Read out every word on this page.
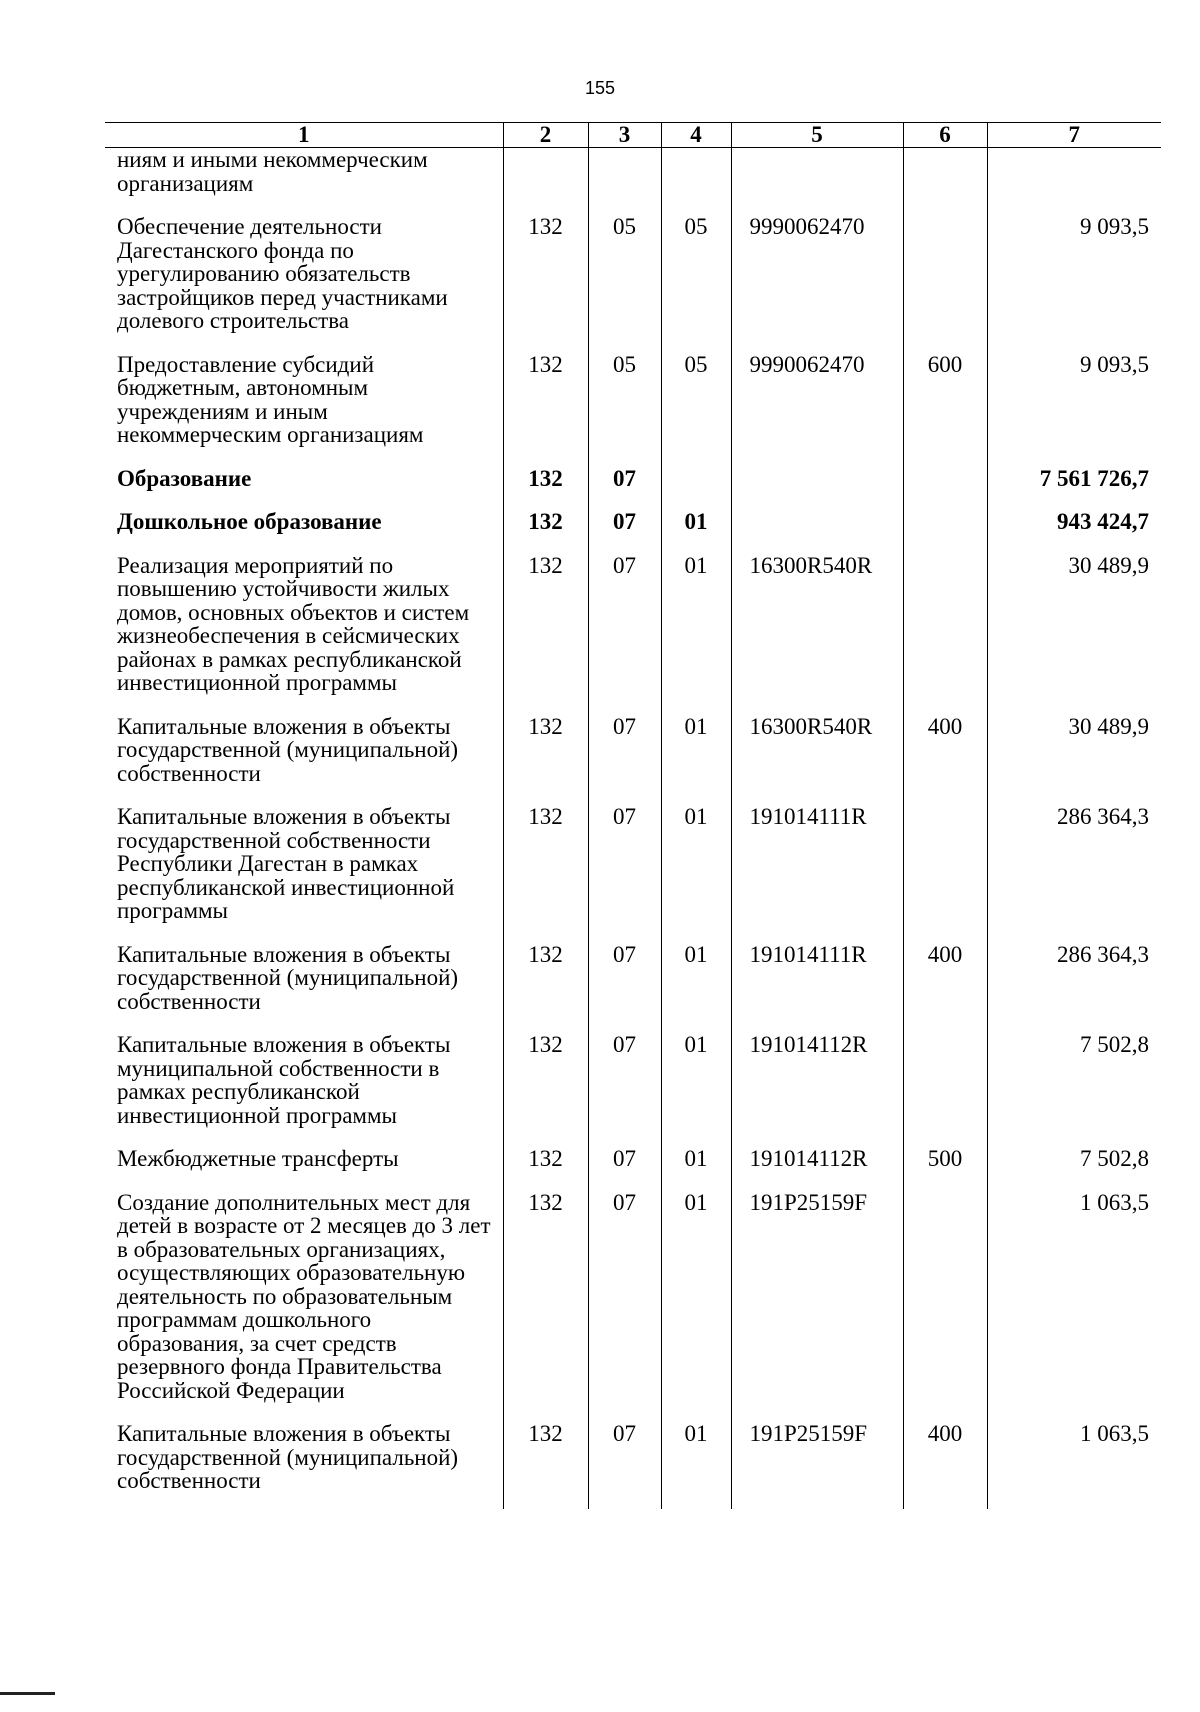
155
1	2	3	4	5	6	7
ниям и иными некоммерческим организациям						
Обеспечение деятельности Дагестанского фонда по урегулированию обязательств застройщиков перед участниками долевого строительства	132	05	05	9990062470		9 093,5
Предоставление субсидий бюджетным, автономным учреждениям и иным некоммерческим организациям	132	05	05	9990062470	600	9 093,5
Образование	132	07				7 561 726,7
Дошкольное образование	132	07	01			943 424,7
Реализация мероприятий по повышению устойчивости жилых домов, основных объектов и систем жизнеобеспечения в сейсмических районах в рамках республиканской инвестиционной программы	132	07	01	16300R540R		30 489,9
Капитальные вложения в объекты государственной (муниципальной) собственности	132	07	01	16300R540R	400	30 489,9
Капитальные вложения в объекты государственной собственности Республики Дагестан в рамках республиканской инвестиционной программы	132	07	01	191014111R		286 364,3
Капитальные вложения в объекты государственной (муниципальной) собственности	132	07	01	191014111R	400	286 364,3
Капитальные вложения в объекты муниципальной собственности в рамках республиканской инвестиционной программы	132	07	01	191014112R		7 502,8
Межбюджетные трансферты	132	07	01	191014112R	500	7 502,8
Создание дополнительных мест для детей в возрасте от 2 месяцев до 3 лет в образовательных организациях, осуществляющих образовательную деятельность по образовательным программам дошкольного образования, за счет средств резервного фонда Правительства Российской Федерации	132	07	01	191P25159F		1 063,5
Капитальные вложения в объекты государственной (муниципальной) собственности	132	07	01	191P25159F	400	1 063,5
